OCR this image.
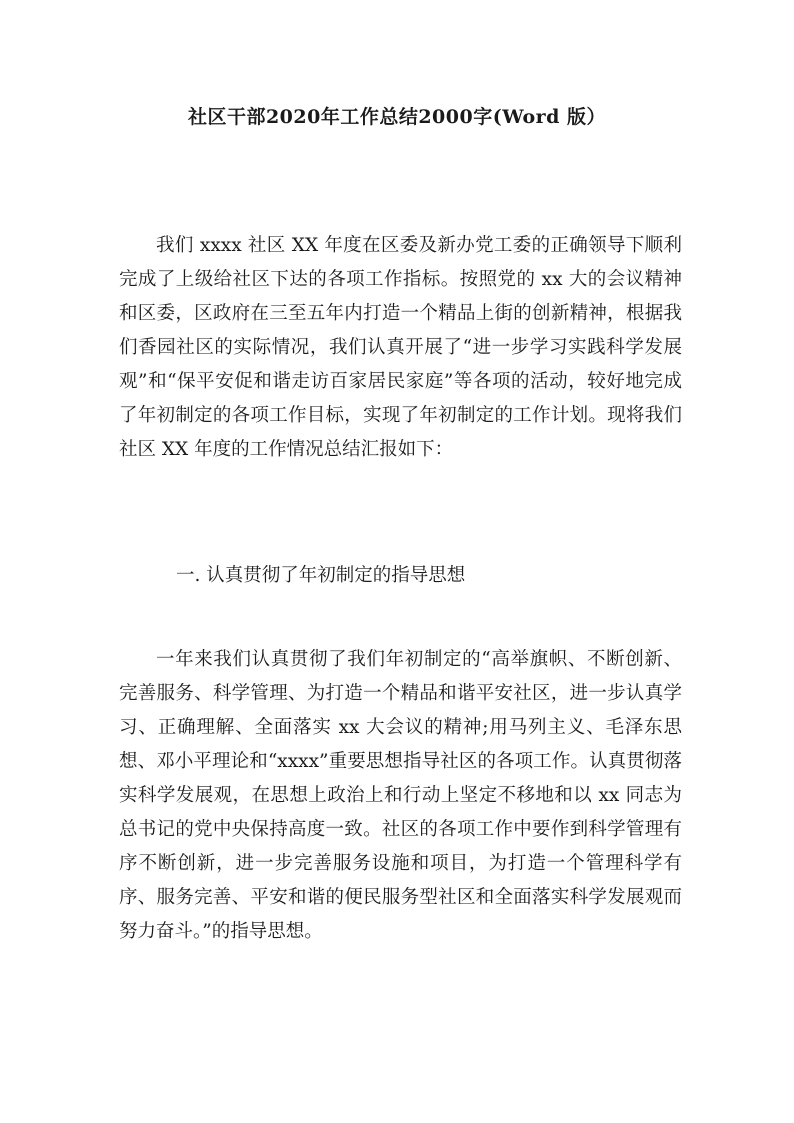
社区干部2020年工作总结2000字(Word 版）
我们 xxxx 社区 XX 年度在区委及新办党工委的正确领导下顺利完成了上级给社区下达的各项工作指标。按照党的 xx 大的会议精神和区委，区政府在三至五年内打造一个精品上街的创新精神，根据我们香园社区的实际情况，我们认真开展了“进一步学习实践科学发展观”和“保平安促和谐走访百家居民家庭”等各项的活动，较好地完成了年初制定的各项工作目标，实现了年初制定的工作计划。现将我们社区 XX 年度的工作情况总结汇报如下：
一. 认真贯彻了年初制定的指导思想
一年来我们认真贯彻了我们年初制定的“高举旗帜、不断创新、完善服务、科学管理、为打造一个精品和谐平安社区，进一步认真学习、正确理解、全面落实 xx 大会议的精神;用马列主义、毛泽东思想、邓小平理论和“xxxx”重要思想指导社区的各项工作。认真贯彻落实科学发展观，在思想上政治上和行动上坚定不移地和以 xx 同志为总书记的党中央保持高度一致。社区的各项工作中要作到科学管理有序不断创新，进一步完善服务设施和项目，为打造一个管理科学有序、服务完善、平安和谐的便民服务型社区和全面落实科学发展观而努力奋斗。”的指导思想。
